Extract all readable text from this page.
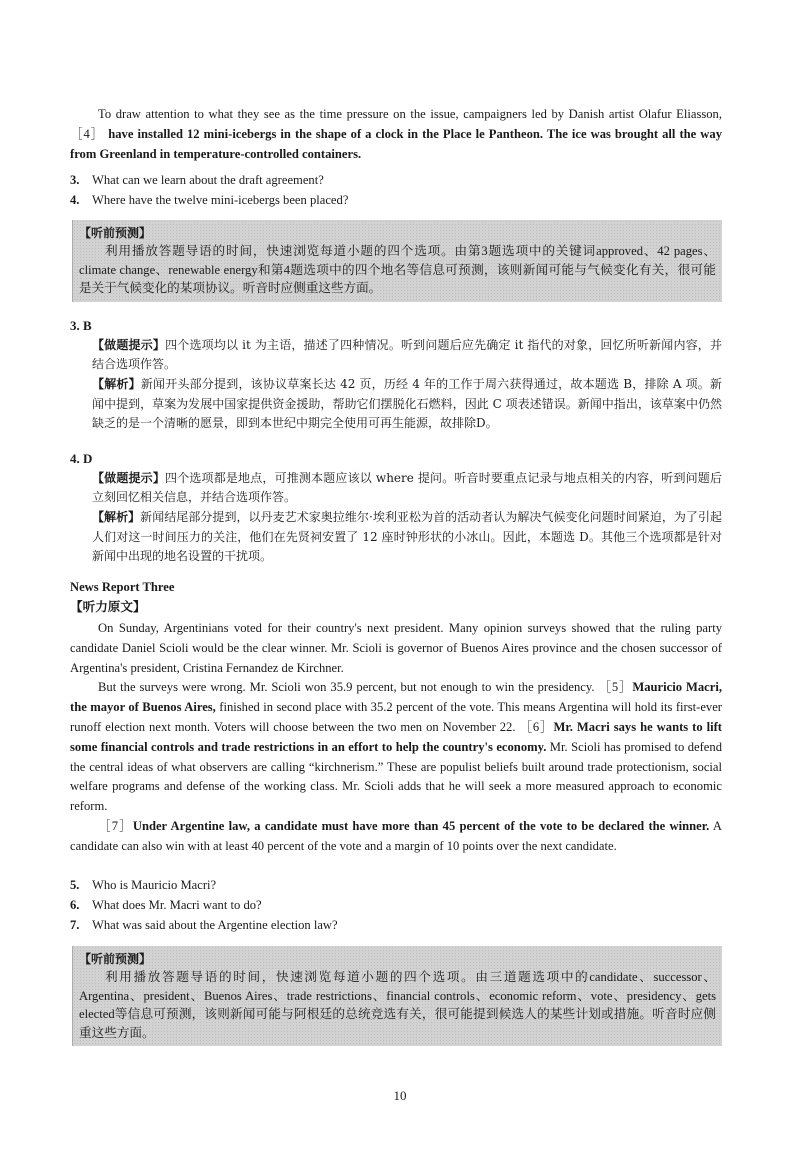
To draw attention to what they see as the time pressure on the issue, campaigners led by Danish artist Olafur Eliasson, ［4］ have installed 12 mini-icebergs in the shape of a clock in the Place le Pantheon. The ice was brought all the way from Greenland in temperature-controlled containers.

3. What can we learn about the draft agreement?
4. Where have the twelve mini-icebergs been placed?
【听前预测】
利用播放答题导语的时间，快速浏览每道小题的四个选项。由第3题选项中的关键词approved、42 pages、climate change、renewable energy和第4题选项中的四个地名等信息可预测，该则新闻可能与气候变化有关，很可能是关于气候变化的某项协议。听音时应侧重这些方面。
3. B
【做题提示】四个选项均以 it 为主语，描述了四种情况。听到问题后应先确定 it 指代的对象，回忆所听新闻内容，并结合选项作答。
【解析】新闻开头部分提到，该协议草案长达 42 页，历经 4 年的工作于周六获得通过，故本题选 B，排除 A 项。新闻中提到，草案为发展中国家提供资金援助，帮助它们摆脱化石燃料，因此 C 项表述错误。新闻中指出，该草案中仍然缺乏的是一个清晰的愿景，即到本世纪中期完全使用可再生能源，故排除D。
4. D
【做题提示】四个选项都是地点，可推测本题应该以 where 提问。听音时要重点记录与地点相关的内容，听到问题后立刻回忆相关信息，并结合选项作答。
【解析】新闻结尾部分提到，以丹麦艺术家奥拉维尔·埃利亚松为首的活动者认为解决气候变化问题时间紧迫，为了引起人们对这一时间压力的关注，他们在先贤祠安置了 12 座时钟形状的小冰山。因此，本题选 D。其他三个选项都是针对新闻中出现的地名设置的干扰项。
News Report Three
【听力原文】

On Sunday, Argentinians voted for their country's next president. Many opinion surveys showed that the ruling party candidate Daniel Scioli would be the clear winner. Mr. Scioli is governor of Buenos Aires province and the chosen successor of Argentina's president, Cristina Fernandez de Kirchner.

But the surveys were wrong. Mr. Scioli won 35.9 percent, but not enough to win the presidency. ［5］Mauricio Macri, the mayor of Buenos Aires, finished in second place with 35.2 percent of the vote. This means Argentina will hold its first-ever runoff election next month. Voters will choose between the two men on November 22. ［6］Mr. Macri says he wants to lift some financial controls and trade restrictions in an effort to help the country's economy. Mr. Scioli has promised to defend the central ideas of what observers are calling “kirchnerism.” These are populist beliefs built around trade protectionism, social welfare programs and defense of the working class. Mr. Scioli adds that he will seek a more measured approach to economic reform.

［7］Under Argentine law, a candidate must have more than 45 percent of the vote to be declared the winner. A candidate can also win with at least 40 percent of the vote and a margin of 10 points over the next candidate.

5. Who is Mauricio Macri?
6. What does Mr. Macri want to do?
7. What was said about the Argentine election law?
【听前预测】
利用播放答题导语的时间，快速浏览每道小题的四个选项。由三道题选项中的candidate、successor、Argentina、president、Buenos Aires、trade restrictions、financial controls、economic reform、vote、presidency、gets elected等信息可预测，该则新闻可能与阿根廷的总统竞选有关，很可能提到候选人的某些计划或措施。听音时应侧重这些方面。
10
